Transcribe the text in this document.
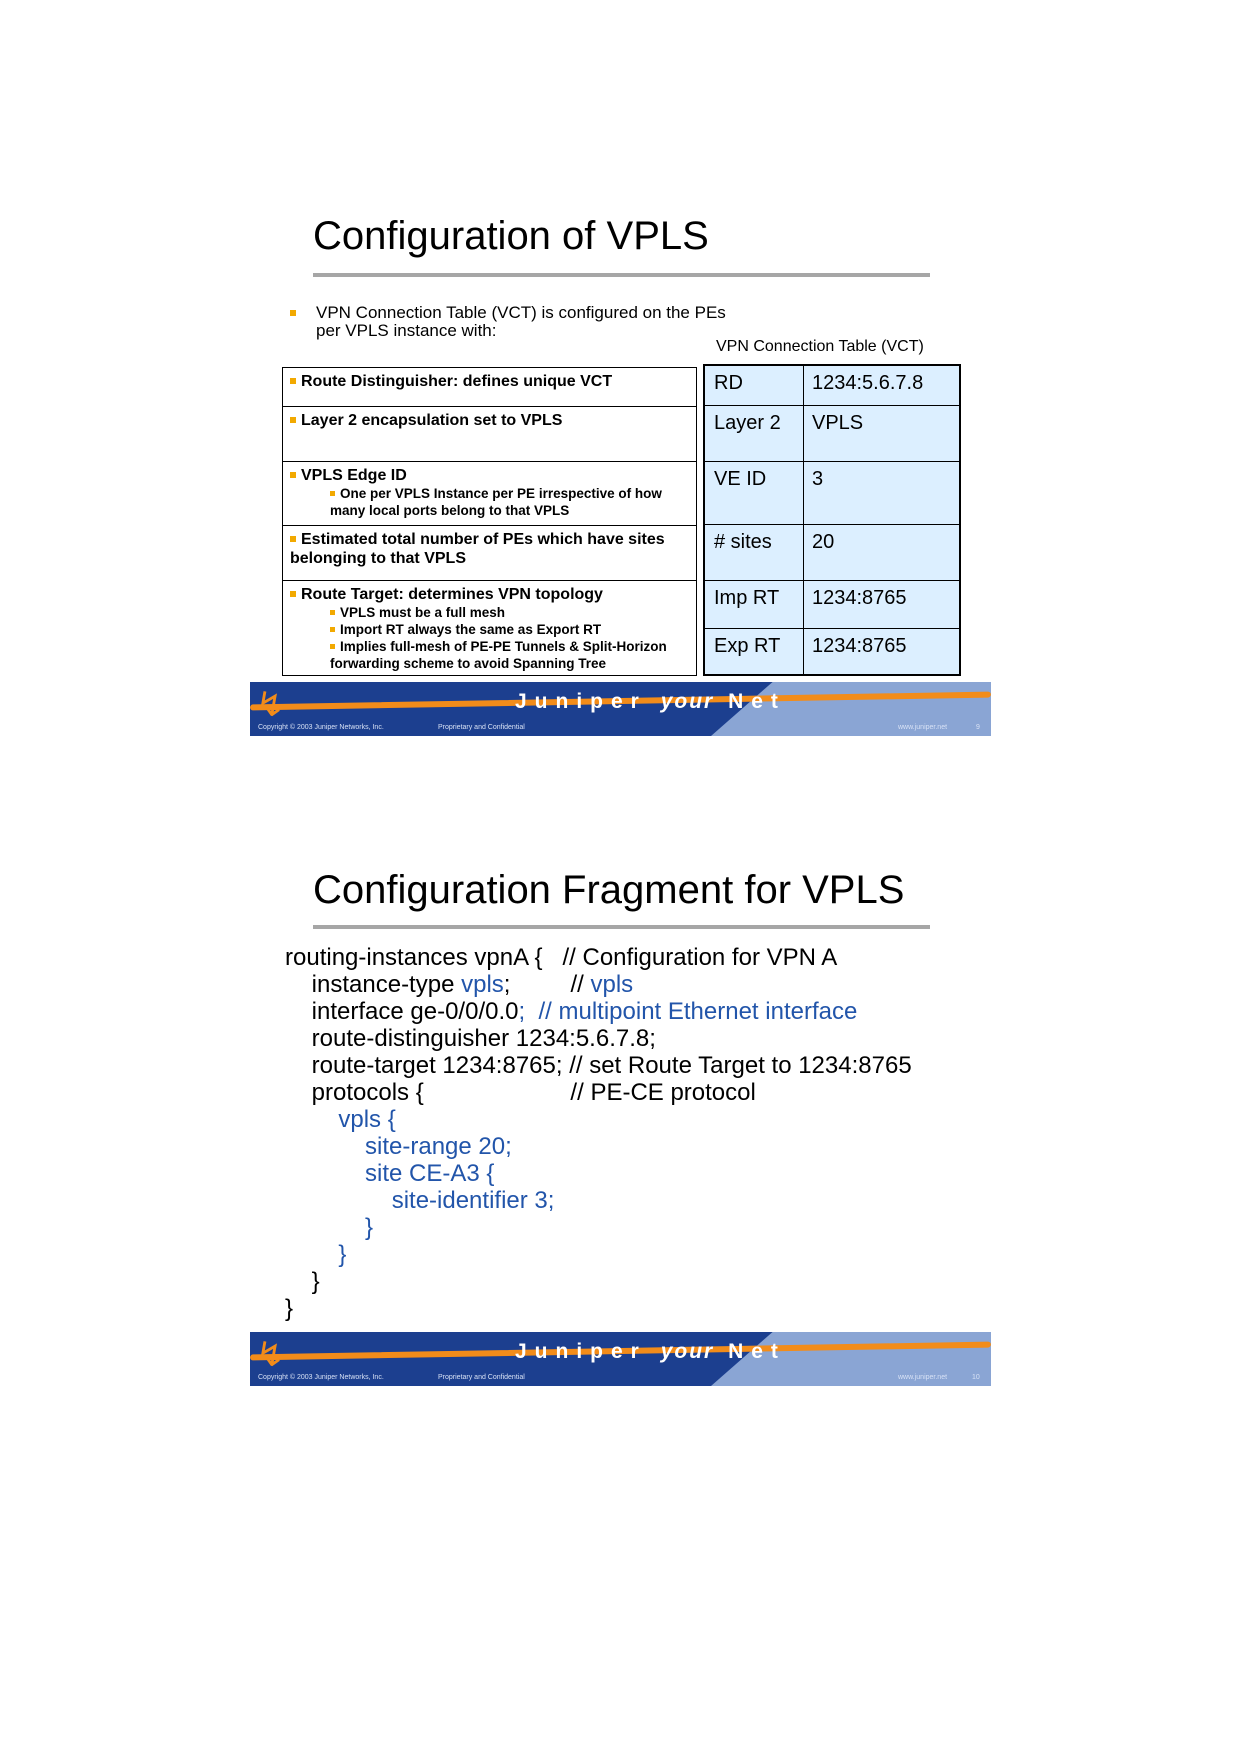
Configuration of VPLS
VPN Connection Table (VCT) is configured on the PEs per VPLS instance with:
VPN Connection Table (VCT)
Route Distinguisher: defines unique VCT
Layer 2 encapsulation set to VPLS
VPLS Edge ID
One per VPLS Instance per PE irrespective of how many local ports belong to that VPLS
Estimated total number of PEs which have sites belonging to that VPLS
Route Target: determines VPN topology
VPLS must be a full mesh
Import RT always the same as Export RT
Implies full-mesh of PE-PE Tunnels & Split-Horizon forwarding scheme to avoid Spanning Tree
RD	1234:5.6.7.8
Layer 2 VPLS
VE ID 3
# sites 20
Imp RT 1234:8765
Exp RT 1234:8765
↯	Juniper your Net
Copyright © 2003 Juniper Networks, Inc.	Proprietary and Confidential	www.juniper.net	9
Configuration Fragment for VPLS
routing-instances vpnA {   // Configuration for VPN A
instance-type vpls;         // vpls
interface ge-0/0/0.0;  // multipoint Ethernet interface
route-distinguisher 1234:5.6.7.8;
route-target 1234:8765; // set Route Target to 1234:8765
protocols {                      // PE-CE protocol
vpls {
site-range 20;
site CE-A3 {
site-identifier 3;
}
}
}
}
↯	Juniper your Net
Copyright © 2003 Juniper Networks, Inc.	Proprietary and Confidential	www.juniper.net	10
